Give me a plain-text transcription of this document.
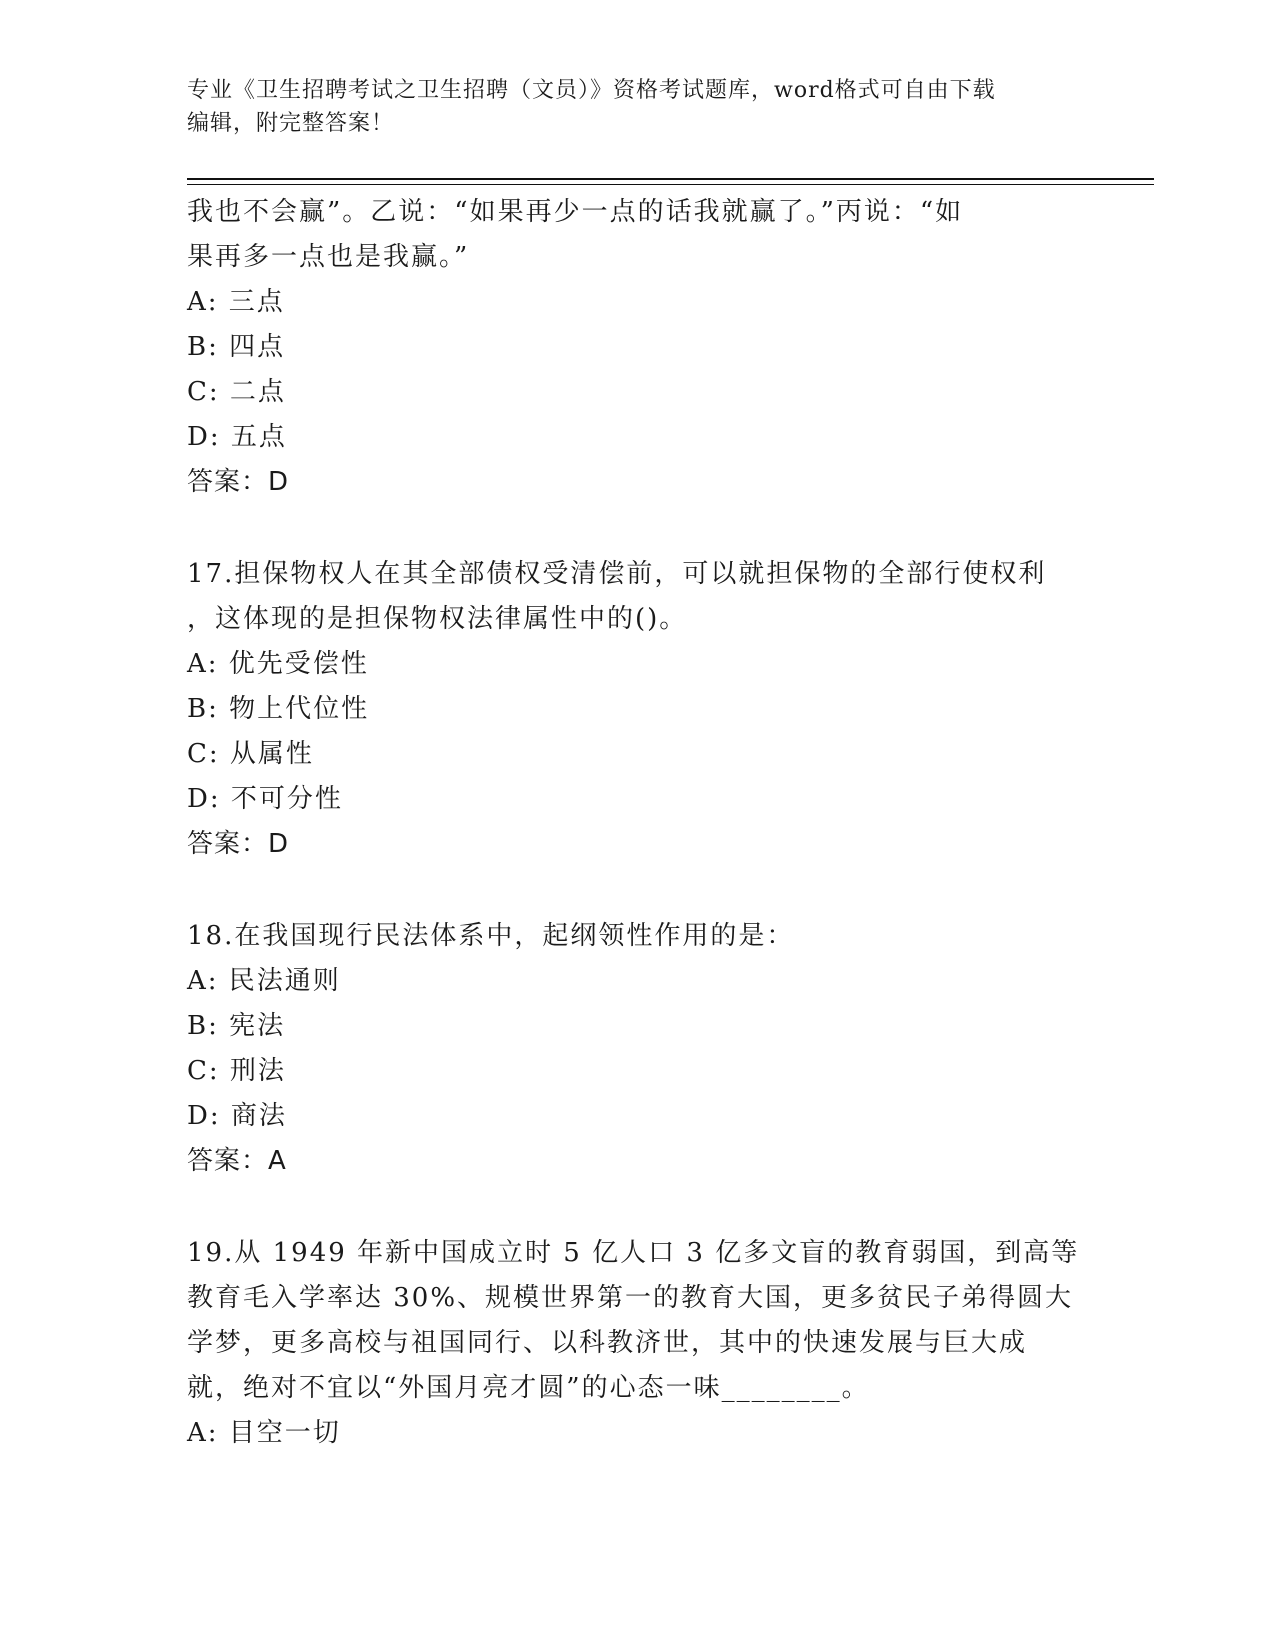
专业《卫生招聘考试之卫生招聘（文员）》资格考试题库，word格式可自由下载
编辑，附完整答案！
我也不会赢”。乙说：“如果再少一点的话我就赢了。”丙说：“如
果再多一点也是我赢。”
A: 三点
B: 四点
C: 二点
D: 五点
答案：D
17.担保物权人在其全部债权受清偿前，可以就担保物的全部行使权利
，这体现的是担保物权法律属性中的()。
A: 优先受偿性
B: 物上代位性
C: 从属性
D: 不可分性
答案：D
18.在我国现行民法体系中，起纲领性作用的是：
A: 民法通则
B: 宪法
C: 刑法
D: 商法
答案：A
19.从 1949 年新中国成立时 5 亿人口 3 亿多文盲的教育弱国，到高等
教育毛入学率达 30%、规模世界第一的教育大国，更多贫民子弟得圆大
学梦，更多高校与祖国同行、以科教济世，其中的快速发展与巨大成
就，绝对不宜以“外国月亮才圆”的心态一味________。
A: 目空一切
